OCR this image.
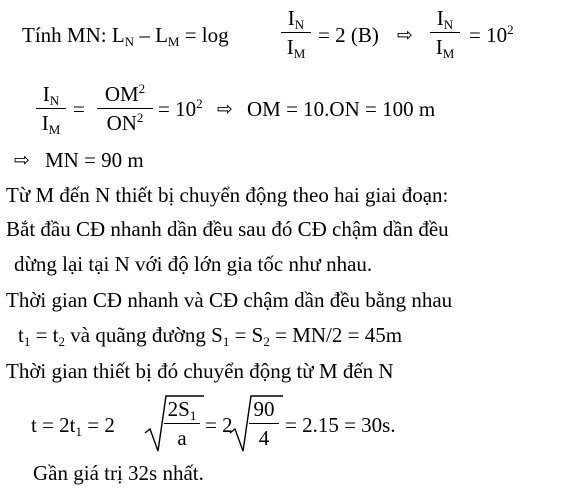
Tính MN: $L_N - L_M = \log$
$I_N$
$I_M$
= 2 (B) ⇨
$I_N$
$I_M$
= $10^2$
$I_N$
$I_M$
=
$OM^2$
$ON^2 = 10^2$ ⇨ OM = 10.ON = 100 m
⇨ MN = 90 m
Từ M đến N thiết bị chuyển động theo hai giai đoạn:
Bắt đầu CĐ nhanh dần đều sau đó CĐ chậm dần đều
dừng lại tại N với độ lớn gia tốc như nhau.
Thời gian CĐ nhanh và CĐ chậm dần đều bằng nhau
$t_1 = t_2$ và quãng đường $S_1 = S_2 = MN/2 = 45m$
Thời gian thiết bị đó chuyển động từ M đến N
$t = 2t_1 = 2$
$2S_1$
a
= 2
90
4
= 2.15 = 30s.
Gần giá trị 32s nhất.
